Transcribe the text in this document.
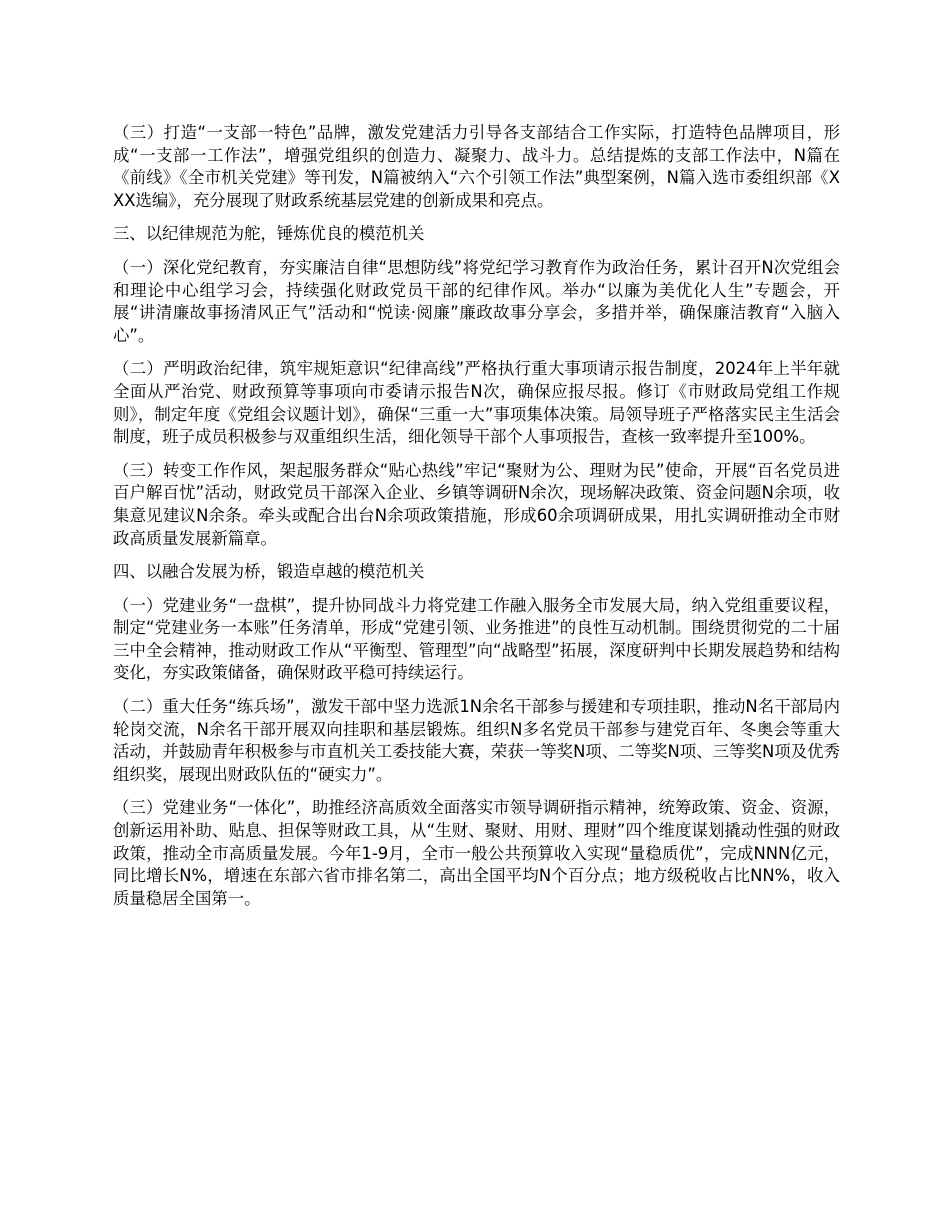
（三）打造“一支部一特色”品牌，激发党建活力引导各支部结合工作实际，打造特色品牌项目，形成“一支部一工作法”，增强党组织的创造力、凝聚力、战斗力。总结提炼的支部工作法中，N篇在《前线》《全市机关党建》等刊发，N篇被纳入“六个引领工作法”典型案例，N篇入选市委组织部《XXX选编》，充分展现了财政系统基层党建的创新成果和亮点。

三、以纪律规范为舵，锤炼优良的模范机关

（一）深化党纪教育，夯实廉洁自律“思想防线”将党纪学习教育作为政治任务，累计召开N次党组会和理论中心组学习会，持续强化财政党员干部的纪律作风。举办“以廉为美优化人生”专题会，开展“讲清廉故事扬清风正气”活动和“悦读·阅廉”廉政故事分享会，多措并举，确保廉洁教育“入脑入心”。

（二）严明政治纪律，筑牢规矩意识“纪律高线”严格执行重大事项请示报告制度，2024年上半年就全面从严治党、财政预算等事项向市委请示报告N次，确保应报尽报。修订《市财政局党组工作规则》，制定年度《党组会议题计划》，确保“三重一大”事项集体决策。局领导班子严格落实民主生活会制度，班子成员积极参与双重组织生活，细化领导干部个人事项报告，查核一致率提升至100%。

（三）转变工作作风，架起服务群众“贴心热线”牢记“聚财为公、理财为民”使命，开展“百名党员进百户解百忧”活动，财政党员干部深入企业、乡镇等调研N余次，现场解决政策、资金问题N余项，收集意见建议N余条。牵头或配合出台N余项政策措施，形成60余项调研成果，用扎实调研推动全市财政高质量发展新篇章。

四、以融合发展为桥，锻造卓越的模范机关

（一）党建业务“一盘棋”，提升协同战斗力将党建工作融入服务全市发展大局，纳入党组重要议程，制定“党建业务一本账”任务清单，形成“党建引领、业务推进”的良性互动机制。围绕贯彻党的二十届三中全会精神，推动财政工作从“平衡型、管理型”向“战略型”拓展，深度研判中长期发展趋势和结构变化，夯实政策储备，确保财政平稳可持续运行。

（二）重大任务“练兵场”，激发干部中坚力选派1N余名干部参与援建和专项挂职，推动N名干部局内轮岗交流，N余名干部开展双向挂职和基层锻炼。组织N多名党员干部参与建党百年、冬奥会等重大活动，并鼓励青年积极参与市直机关工委技能大赛，荣获一等奖N项、二等奖N项、三等奖N项及优秀组织奖，展现出财政队伍的“硬实力”。

（三）党建业务“一体化”，助推经济高质效全面落实市领导调研指示精神，统筹政策、资金、资源，创新运用补助、贴息、担保等财政工具，从“生财、聚财、用财、理财”四个维度谋划撬动性强的财政政策，推动全市高质量发展。今年1-9月，全市一般公共预算收入实现“量稳质优”，完成NNN亿元，同比增长N%，增速在东部六省市排名第二，高出全国平均N个百分点；地方级税收占比NN%，收入质量稳居全国第一。
